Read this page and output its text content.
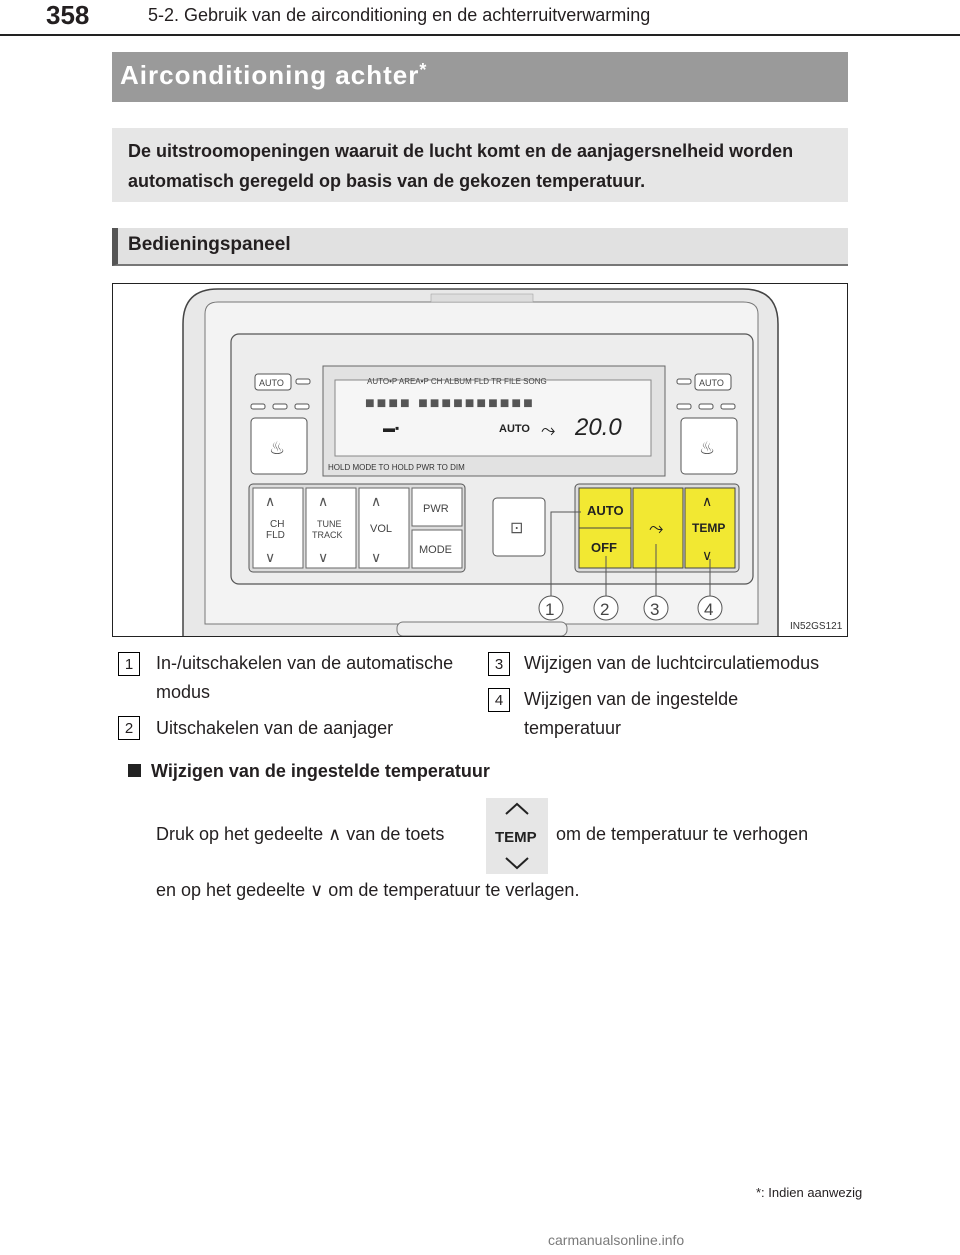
358	5-2. Gebruik van de airconditioning en de achterruitverwarming
Airconditioning achter*
De uitstroomopeningen waaruit de lucht komt en de aanjagersnelheid worden automatisch geregeld op basis van de gekozen temperatuur.
Bedieningspaneel
AUTO•P AREA•P CH ALBUM FLD TR FILE SONG
■■■■ ■■■■■■■■■■
AUTO 20.0
⤳
▬▪
HOLD MODE TO HOLD PWR TO DIM
AUTO
♨
AUTO
♨
∧
CH
FLD
∨
∧
TUNE
TRACK
∨
∧
VOL
∨
PWR
MODE
⊡
AUTO
OFF
⤳
∧
TEMP
∨
1	2 3	4
IN52GS121
1	In-/uitschakelen van de automatische modus
2	Uitschakelen van de aanjager
3	Wijzigen van de luchtcirculatiemodus
4	Wijzigen van de ingestelde temperatuur
Wijzigen van de ingestelde temperatuur
Druk op het gedeelte ∧ van de toets	TEMP om de temperatuur te verhogen
en op het gedeelte ∨ om de temperatuur te verlagen.
*: Indien aanwezig
carmanualsonline.info
